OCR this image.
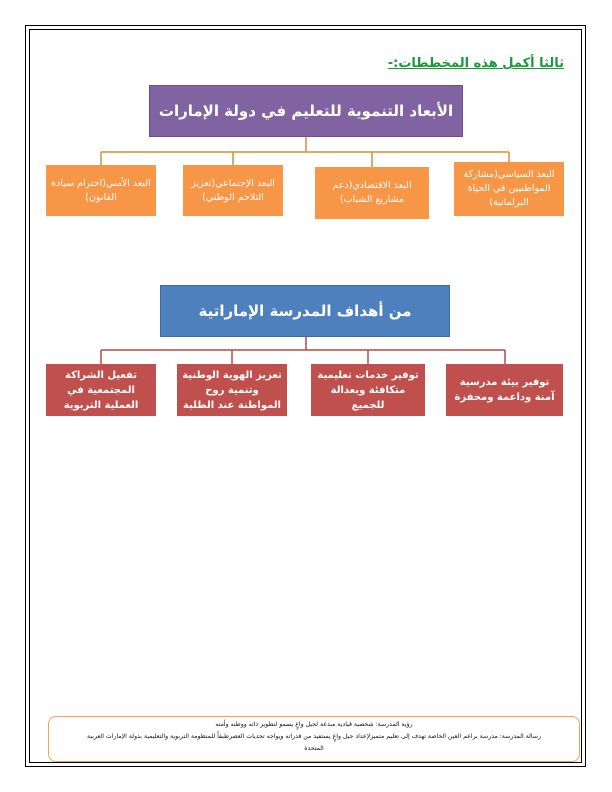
ثالثا أكمل هذه المخططات:-
الأبعاد التنموية للتعليم في دولة الإمارات
البعد السياسي(مشاركة المواطنيين في الحياة البرلمانية)
البعد الاقتصادي(دعم مشاريع الشباب)
البعد الإجتماعي(تعزيز التلاحم الوطني)
البعد الأمني(احترام سيادة القانون)
من أهداف المدرسة الإماراتية
توفير بيئة مدرسية آمنة وداعمة ومحفزة
توفير خدمات تعليمية متكافئة وبعدالة للجميع
تعزيز الهوية الوطنية وتنمية روح المواطنة عند الطلبة
تفعيل الشراكة المجتمعية في العملية التربوية
رؤية المدرسة: شخصية قيادية مبدعة لجيل واعٍ يسمو لتطوير ذاته ووطنه وأمته
رسالة المدرسة: مدرسة براعم العين الخاصة تهدف إلى تعليم متميزلإعداد جيل واعٍ يستفيد من قدراته ويواجه تحديات العصرطبقاً للمنظومة التربوية والتعليمية بدولة الإمارات العربية
المتحدة
